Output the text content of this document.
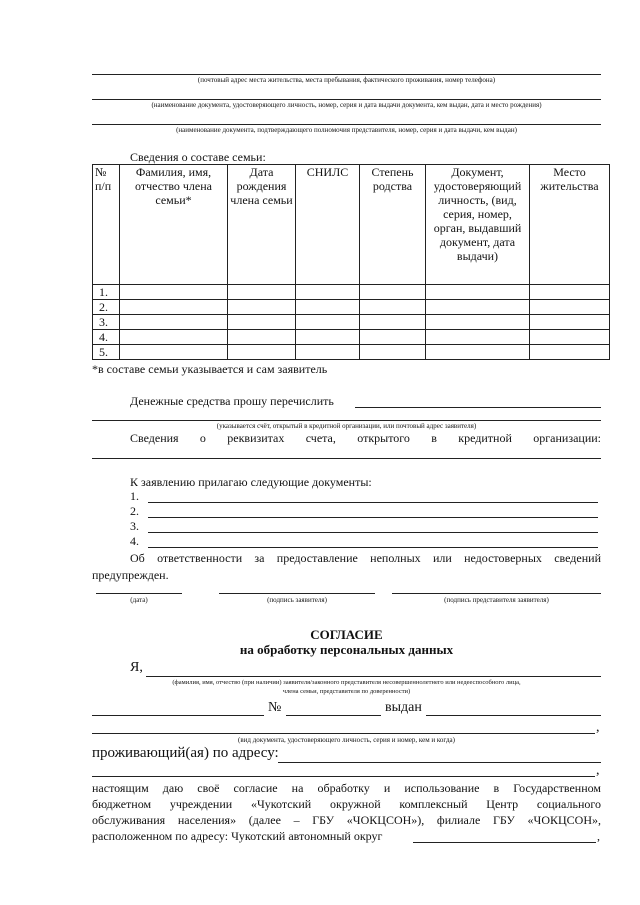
(почтовый адрес места жительства, места пребывания, фактического проживания, номер телефона)
(наименование документа, удостоверяющего личность, номер, серия и дата выдачи документа, кем выдан, дата и место рождения)
(наименование документа, подтверждающего полномочия представителя, номер, серия и дата выдачи, кем выдан)
Сведения о составе семьи:
№ п/п	Фамилия, имя, отчество члена семьи*	Дата рождения члена семьи	СНИЛС	Степень родства	Документ, удостоверяющий личность, (вид, серия, номер, орган, выдавший документ, дата выдачи)	Место жительства
1.						
2.						
3.						
4.						
5.						
*в составе семьи указывается и сам заявитель
Денежные средства прошу перечислить
(указывается счёт, открытый в кредитной организации, или почтовый адрес заявителя)
Сведения о реквизитах счета, открытого в кредитной организации:
К заявлению прилагаю следующие документы:
1.
2.
3.
4.
Об ответственности за предоставление неполных или недостоверных сведений предупрежден.
(дата)	(подпись заявителя)	(подпись представителя заявителя)
СОГЛАСИЕ
на обработку персональных данных
Я,
(фамилия, имя, отчество (при наличии) заявителя/законного представителя несовершеннолетнего или недееспособного лица,
члена семьи, представителя по доверенности)
№	выдан
,
(вид документа, удостоверяющего личность, серия и номер, кем и когда)
проживающий(ая) по адресу:
,
настоящим даю своё согласие на обработку и использование в Государственном
бюджетном учреждении «Чукотский окружной комплексный Центр социального
обслуживания населения» (далее – ГБУ «ЧОКЦСОН»), филиале ГБУ «ЧОКЦСОН»,
расположенном по адресу: Чукотский автономный округ	,
